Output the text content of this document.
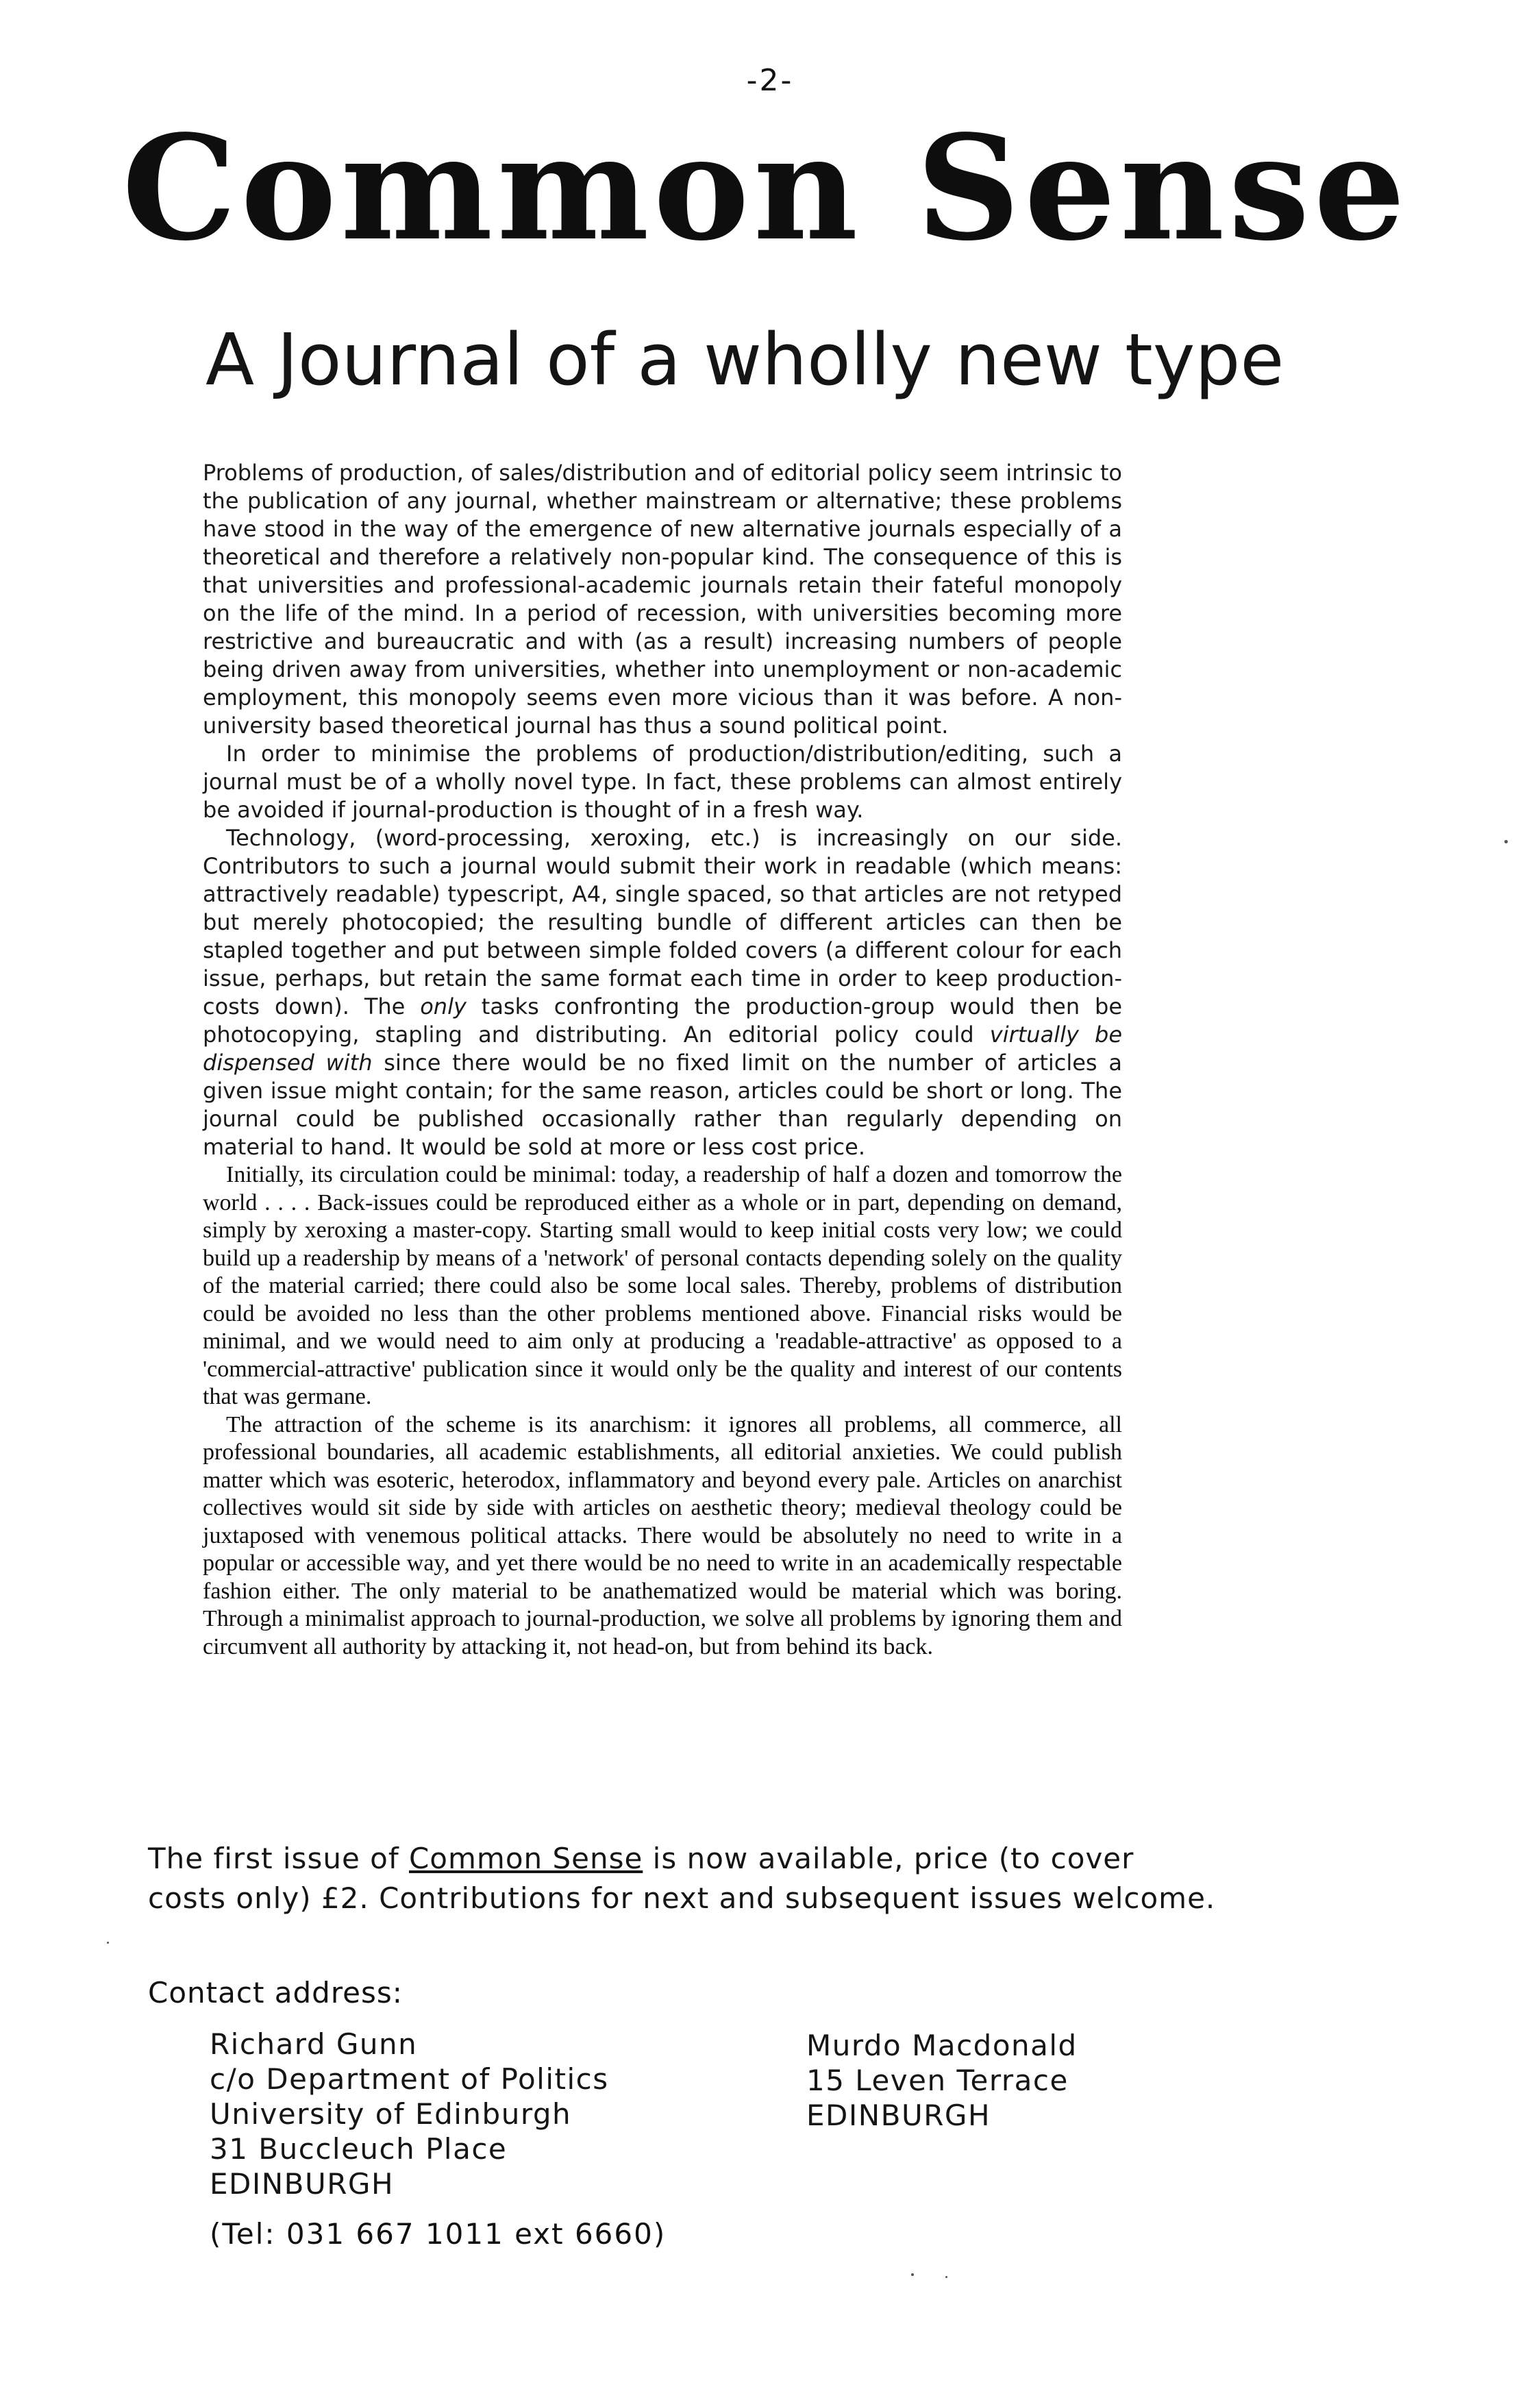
-2-
Common Sense
A Journal of a wholly new type

Problems of production, of sales/distribution and of editorial policy seem intrinsic to the publication of any journal, whether mainstream or alternative; these problems have stood in the way of the emergence of new alternative journals especially of a theoretical and therefore a relatively non-popular kind. The consequence of this is that universities and professional-academic journals retain their fateful monopoly on the life of the mind. In a period of recession, with universities becoming more restrictive and bureaucratic and with (as a result) increasing numbers of people being driven away from universities, whether into unemployment or non-academic employment, this monopoly seems even more vicious than it was before. A non-university based theoretical journal has thus a sound political point.

In order to minimise the problems of production/distribution/editing, such a journal must be of a wholly novel type. In fact, these problems can almost entirely be avoided if journal-production is thought of in a fresh way.

Technology, (word-processing, xeroxing, etc.) is increasingly on our side. Contributors to such a journal would submit their work in readable (which means: attractively readable) typescript, A4, single spaced, so that articles are not retyped but merely photocopied; the resulting bundle of different articles can then be stapled together and put between simple folded covers (a different colour for each issue, perhaps, but retain the same format each time in order to keep production-costs down). The only tasks confronting the production-group would then be photocopying, stapling and distributing. An editorial policy could virtually be dispensed with since there would be no fixed limit on the number of articles a given issue might contain; for the same reason, articles could be short or long. The journal could be published occasionally rather than regularly depending on material to hand. It would be sold at more or less cost price.

Initially, its circulation could be minimal: today, a readership of half a dozen and tomorrow the world . . . . Back-issues could be reproduced either as a whole or in part, depending on demand, simply by xeroxing a master-copy. Starting small would to keep initial costs very low; we could build up a readership by means of a 'network' of personal contacts depending solely on the quality of the material carried; there could also be some local sales. Thereby, problems of distribution could be avoided no less than the other problems mentioned above. Financial risks would be minimal, and we would need to aim only at producing a 'readable-attractive' as opposed to a 'commercial-attractive' publication since it would only be the quality and interest of our contents that was germane.

The attraction of the scheme is its anarchism: it ignores all problems, all commerce, all professional boundaries, all academic establishments, all editorial anxieties. We could publish matter which was esoteric, heterodox, inflammatory and beyond every pale. Articles on anarchist collectives would sit side by side with articles on aesthetic theory; medieval theology could be juxtaposed with venemous political attacks. There would be absolutely no need to write in a popular or accessible way, and yet there would be no need to write in an academically respectable fashion either. The only material to be anathematized would be material which was boring. Through a minimalist approach to journal-production, we solve all problems by ignoring them and circumvent all authority by attacking it, not head-on, but from behind its back.

The first issue of Common Sense is now available, price (to cover costs only) £2. Contributions for next and subsequent issues welcome.
Contact address:
Richard Gunn
c/o Department of Politics
University of Edinburgh
31 Buccleuch Place
EDINBURGH
Murdo Macdonald
15 Leven Terrace
EDINBURGH
(Tel: 031 667 1011 ext 6660)
